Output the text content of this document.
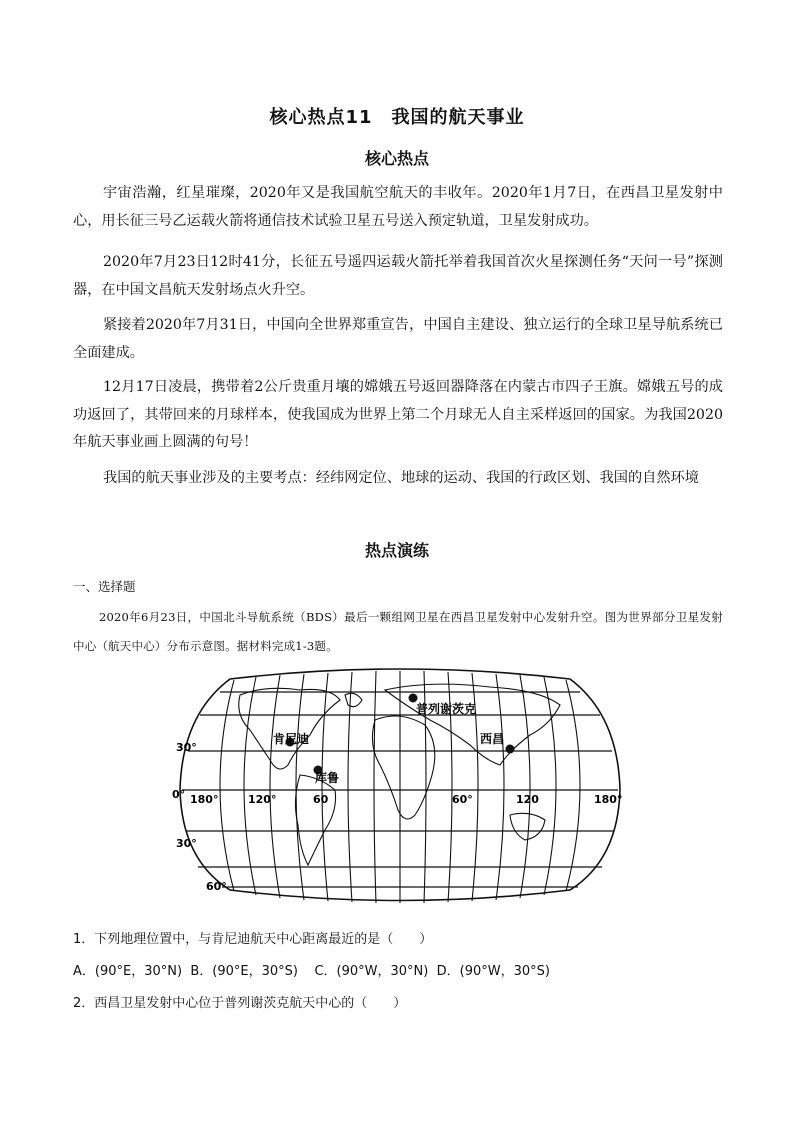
核心热点11　我国的航天事业
核心热点
宇宙浩瀚，红星璀璨，2020年又是我国航空航天的丰收年。2020年1月7日，在西昌卫星发射中心，用长征三号乙运载火箭将通信技术试验卫星五号送入预定轨道，卫星发射成功。
2020年7月23日12时41分，长征五号遥四运载火箭托举着我国首次火星探测任务“天问一号”探测器，在中国文昌航天发射场点火升空。
紧接着2020年7月31日，中国向全世界郑重宣告，中国自主建设、独立运行的全球卫星导航系统已全面建成。
12月17日凌晨，携带着2公斤贵重月壤的嫦娥五号返回器降落在内蒙古市四子王旗。嫦娥五号的成功返回了，其带回来的月球样本，使我国成为世界上第二个月球无人自主采样返回的国家。为我国2020年航天事业画上圆满的句号！
我国的航天事业涉及的主要考点：经纬网定位、地球的运动、我国的行政区划、我国的自然环境
热点演练
一、选择题
2020年6月23日，中国北斗导航系统（BDS）最后一颗组网卫星在西昌卫星发射中心发射升空。图为世界部分卫星发射中心（航天中心）分布示意图。据材料完成1-3题。
普列谢茨克
肯尼迪	西昌
库鲁
30°
0°
30°
60°
180°	120°	60	60°	120	180°
1．下列地理位置中，与肯尼迪航天中心距离最近的是（　　）
A．(90°E，30°N)  B．(90°E，30°S)    C．(90°W，30°N)  D．(90°W，30°S)
2．西昌卫星发射中心位于普列谢茨克航天中心的（　　）
